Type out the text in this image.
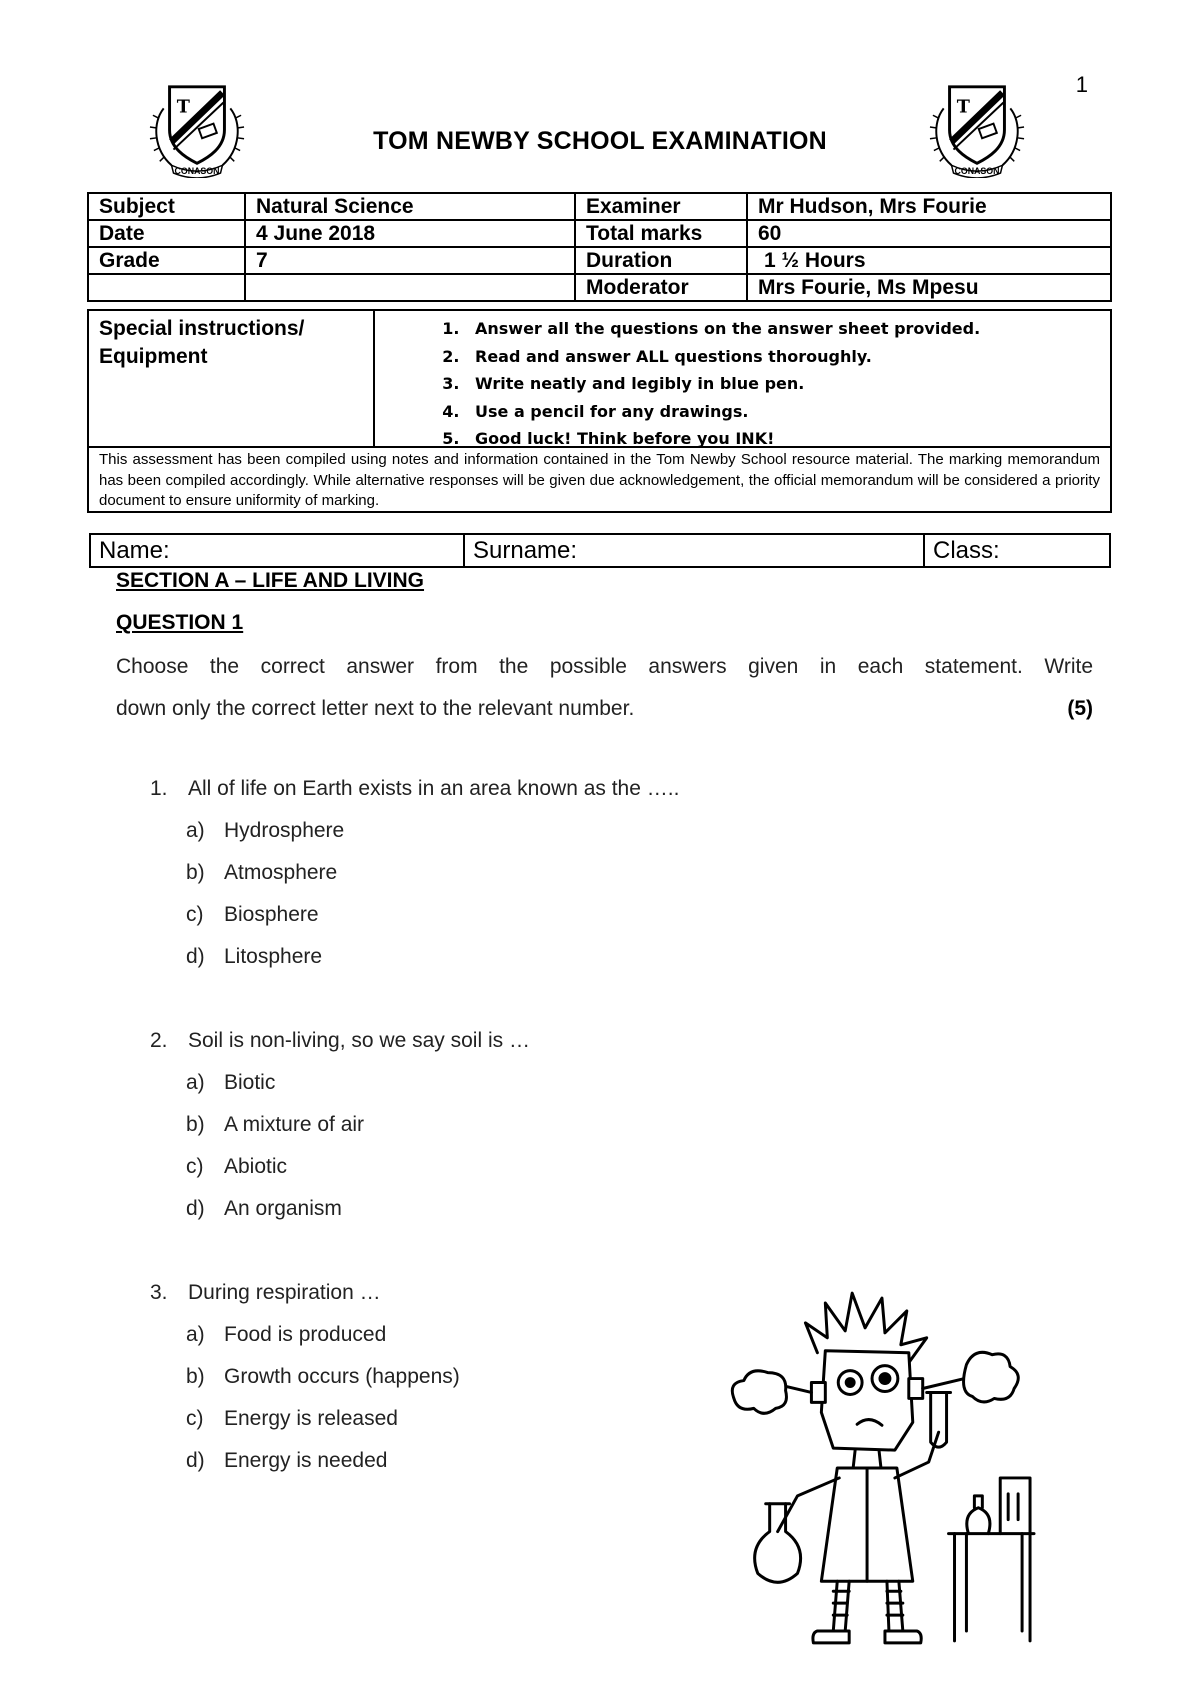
1
T
CONASON
T
CONASON
TOM NEWBY SCHOOL EXAMINATION
Subject	Natural Science	Examiner	Mr Hudson, Mrs Fourie
Date	4 June 2018	Total marks	60
Grade	7	Duration	1 ½ Hours
		Moderator	Mrs Fourie, Ms Mpesu
Special instructions/
Equipment
1. Answer all the questions on the answer sheet provided.
2. Read and answer ALL questions thoroughly.
3. Write neatly and legibly in blue pen.
4. Use a pencil for any drawings.
5. Good luck! Think before you INK!
This assessment has been compiled using notes and information contained in the Tom Newby School resource material. The marking memorandum has been compiled accordingly. While alternative responses will be given due acknowledgement, the official memorandum will be considered a priority document to ensure uniformity of marking.
Name:	Surname:	Class:
SECTION A – LIFE AND LIVING
QUESTION 1
Choose the correct answer from the possible answers given in each statement. Write
down only the correct letter next to the relevant number.	(5)
1. All of life on Earth exists in an area known as the …..
a) Hydrosphere
b) Atmosphere
c) Biosphere
d) Litosphere
2. Soil is non-living, so we say soil is …
a) Biotic
b) A mixture of air
c) Abiotic
d) An organism
3. During respiration …
a) Food is produced
b) Growth occurs (happens)
c) Energy is released
d) Energy is needed
